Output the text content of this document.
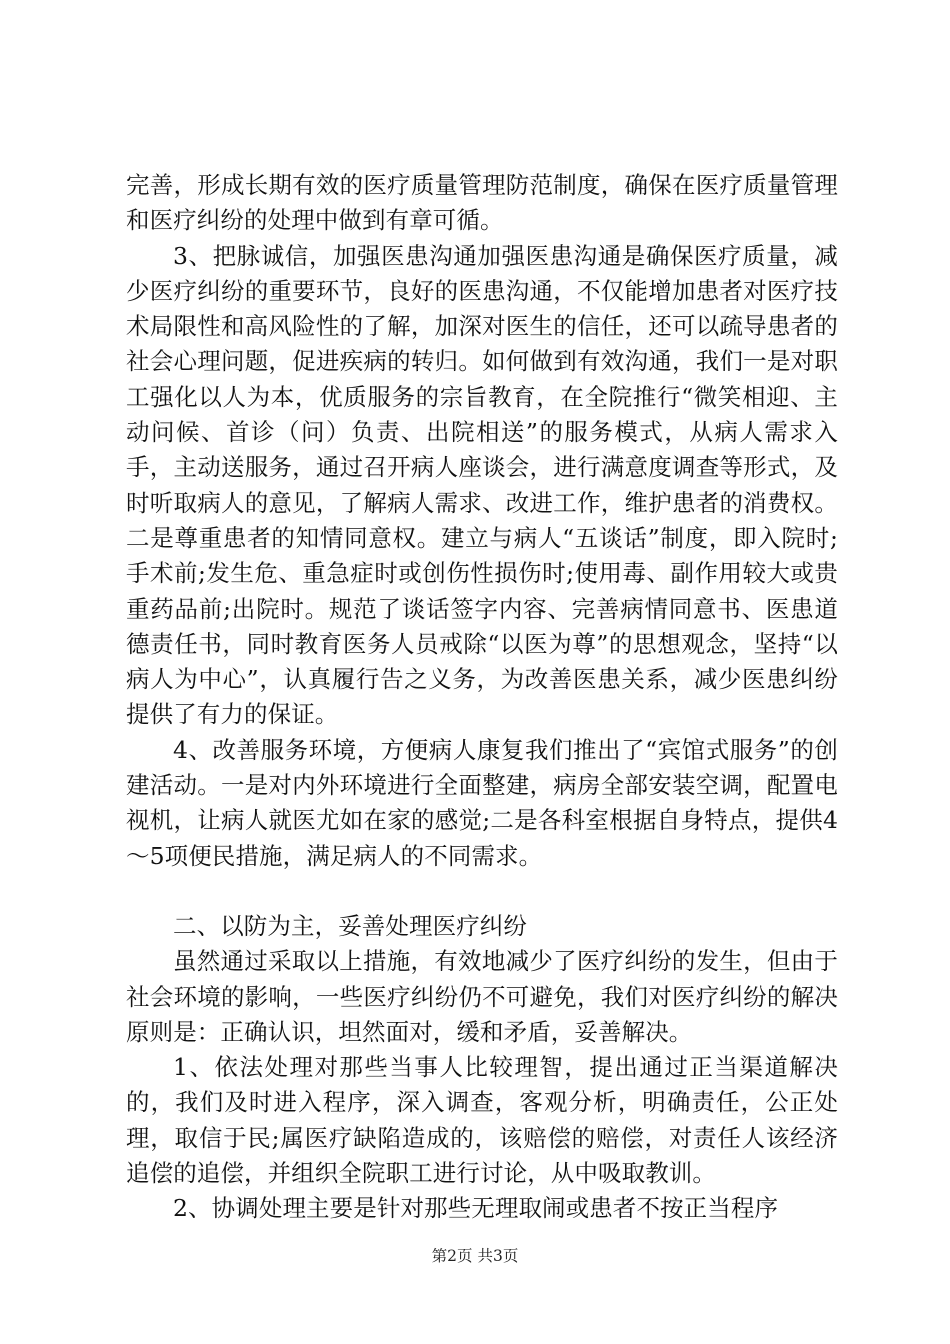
完善，形成长期有效的医疗质量管理防范制度，确保在医疗质量管理和医疗纠纷的处理中做到有章可循。

3、把脉诚信，加强医患沟通加强医患沟通是确保医疗质量，减少医疗纠纷的重要环节，良好的医患沟通，不仅能增加患者对医疗技术局限性和高风险性的了解，加深对医生的信任，还可以疏导患者的社会心理问题，促进疾病的转归。如何做到有效沟通，我们一是对职工强化以人为本，优质服务的宗旨教育，在全院推行“微笑相迎、主动问候、首诊（问）负责、出院相送”的服务模式，从病人需求入手，主动送服务，通过召开病人座谈会，进行满意度调查等形式，及时听取病人的意见，了解病人需求、改进工作，维护患者的消费权。二是尊重患者的知情同意权。建立与病人“五谈话”制度，即入院时;手术前;发生危、重急症时或创伤性损伤时;使用毒、副作用较大或贵重药品前;出院时。规范了谈话签字内容、完善病情同意书、医患道德责任书，同时教育医务人员戒除“以医为尊”的思想观念，坚持“以病人为中心”，认真履行告之义务，为改善医患关系，减少医患纠纷提供了有力的保证。

4、改善服务环境，方便病人康复我们推出了“宾馆式服务”的创建活动。一是对内外环境进行全面整建，病房全部安装空调，配置电视机，让病人就医尤如在家的感觉;二是各科室根据自身特点，提供4～5项便民措施，满足病人的不同需求。

二、以防为主，妥善处理医疗纠纷

虽然通过采取以上措施，有效地减少了医疗纠纷的发生，但由于社会环境的影响，一些医疗纠纷仍不可避免，我们对医疗纠纷的解决原则是：正确认识，坦然面对，缓和矛盾，妥善解决。

1、依法处理对那些当事人比较理智，提出通过正当渠道解决的，我们及时进入程序，深入调查，客观分析，明确责任，公正处理，取信于民;属医疗缺陷造成的，该赔偿的赔偿，对责任人该经济追偿的追偿，并组织全院职工进行讨论，从中吸取教训。

2、协调处理主要是针对那些无理取闹或患者不按正当程序

第2页 共3页
